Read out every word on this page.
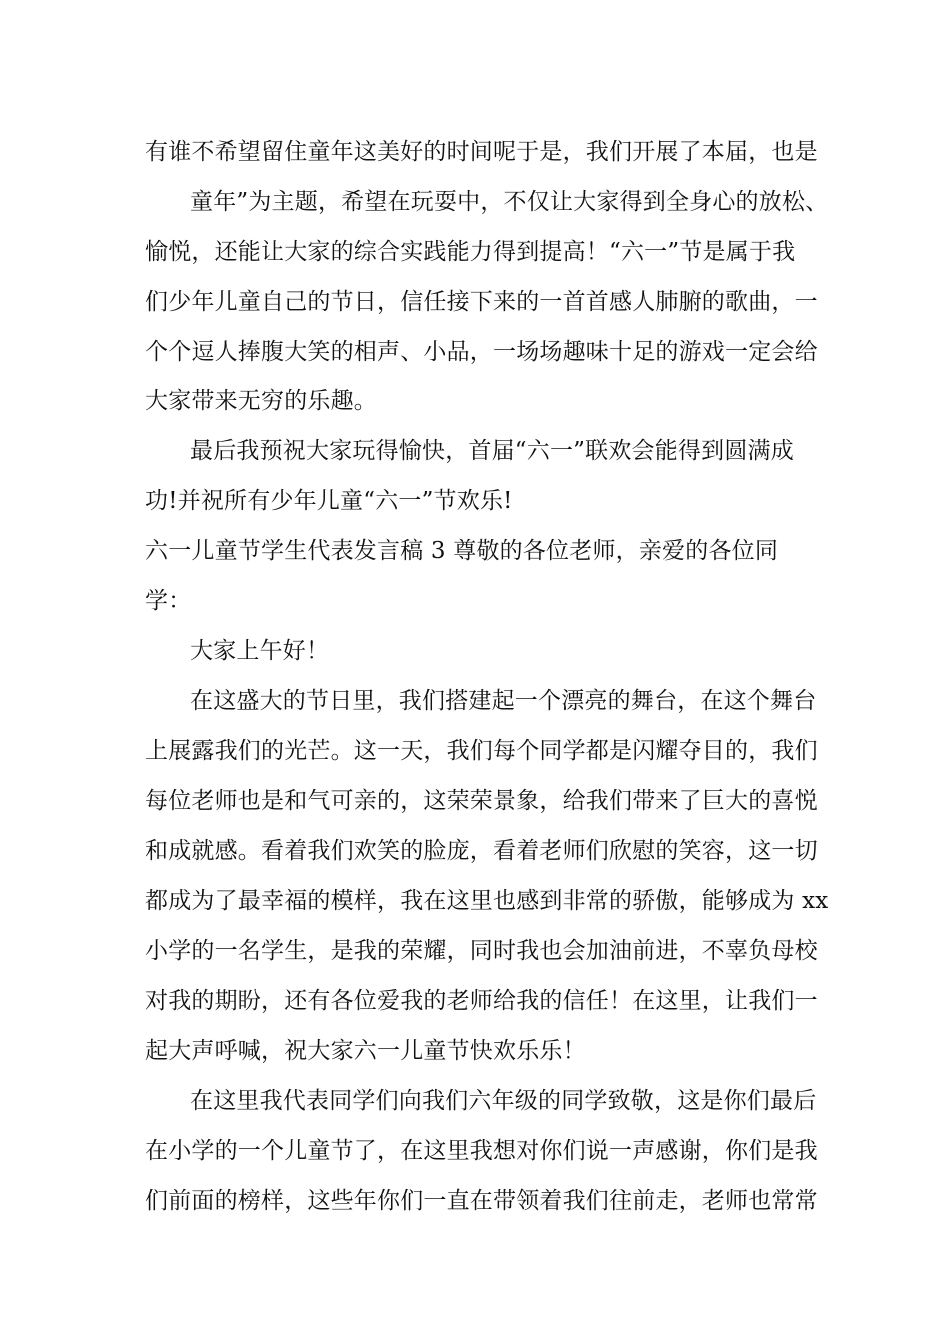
有谁不希望留住童年这美好的时间呢于是，我们开展了本届，也是
童年”为主题，希望在玩耍中，不仅让大家得到全身心的放松、
愉悦，还能让大家的综合实践能力得到提高！“六一”节是属于我
们少年儿童自己的节日，信任接下来的一首首感人肺腑的歌曲，一
个个逗人捧腹大笑的相声、小品，一场场趣味十足的游戏一定会给
大家带来无穷的乐趣。
最后我预祝大家玩得愉快，首届“六一”联欢会能得到圆满成
功!并祝所有少年儿童“六一”节欢乐!
六一儿童节学生代表发言稿 3 尊敬的各位老师，亲爱的各位同
学：
大家上午好！
在这盛大的节日里，我们搭建起一个漂亮的舞台，在这个舞台
上展露我们的光芒。这一天，我们每个同学都是闪耀夺目的，我们
每位老师也是和气可亲的，这荣荣景象，给我们带来了巨大的喜悦
和成就感。看着我们欢笑的脸庞，看着老师们欣慰的笑容，这一切
都成为了最幸福的模样，我在这里也感到非常的骄傲，能够成为 xx
小学的一名学生，是我的荣耀，同时我也会加油前进，不辜负母校
对我的期盼，还有各位爱我的老师给我的信任！在这里，让我们一
起大声呼喊，祝大家六一儿童节快欢乐乐！
在这里我代表同学们向我们六年级的同学致敬，这是你们最后
在小学的一个儿童节了，在这里我想对你们说一声感谢，你们是我
们前面的榜样，这些年你们一直在带领着我们往前走，老师也常常
